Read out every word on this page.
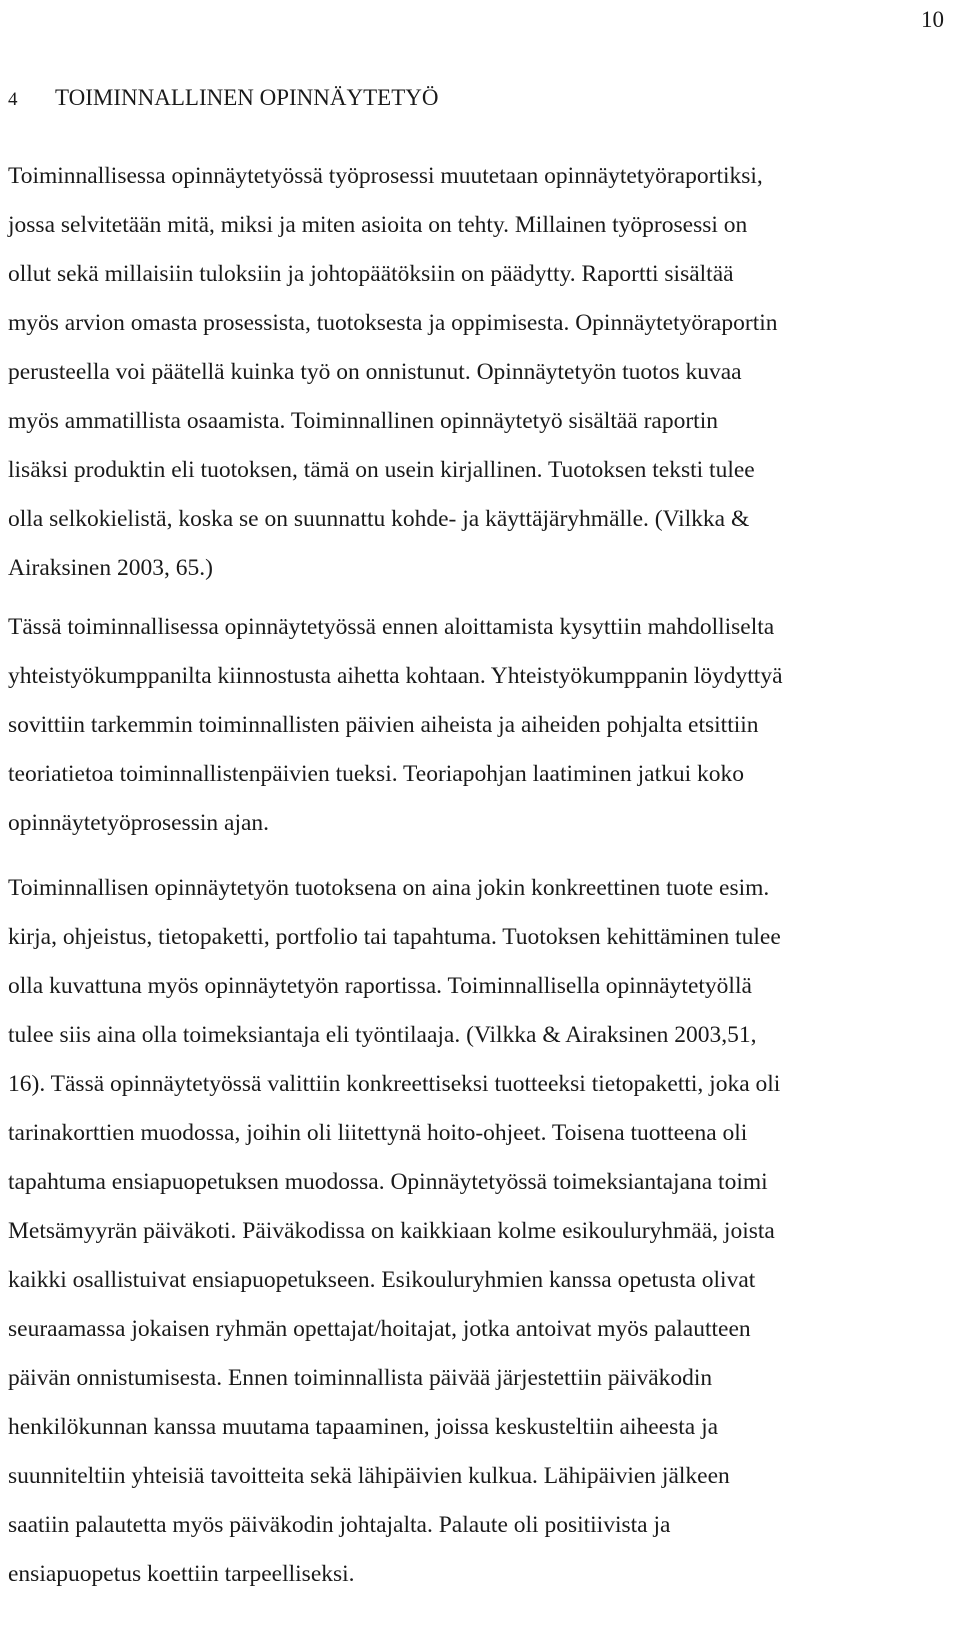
10
4 TOIMINNALLINEN OPINNÄYTETYÖ
Toiminnallisessa opinnäytetyössä työprosessi muutetaan opinnäytetyöraportiksi,
jossa selvitetään mitä, miksi ja miten asioita on tehty. Millainen työprosessi on
ollut sekä millaisiin tuloksiin ja johtopäätöksiin on päädytty. Raportti sisältää
myös arvion omasta prosessista, tuotoksesta ja oppimisesta. Opinnäytetyöraportin
perusteella voi päätellä kuinka työ on onnistunut. Opinnäytetyön tuotos kuvaa
myös ammatillista osaamista. Toiminnallinen opinnäytetyö sisältää raportin
lisäksi produktin eli tuotoksen, tämä on usein kirjallinen. Tuotoksen teksti tulee
olla selkokielistä, koska se on suunnattu kohde- ja käyttäjäryhmälle. (Vilkka &
Airaksinen 2003, 65.)
Tässä toiminnallisessa opinnäytetyössä ennen aloittamista kysyttiin mahdolliselta
yhteistyökumppanilta kiinnostusta aihetta kohtaan. Yhteistyökumppanin löydyttyä
sovittiin tarkemmin toiminnallisten päivien aiheista ja aiheiden pohjalta etsittiin
teoriatietoa toiminnallistenpäivien tueksi. Teoriapohjan laatiminen jatkui koko
opinnäytetyöprosessin ajan.
Toiminnallisen opinnäytetyön tuotoksena on aina jokin konkreettinen tuote esim.
kirja, ohjeistus, tietopaketti, portfolio tai tapahtuma. Tuotoksen kehittäminen tulee
olla kuvattuna myös opinnäytetyön raportissa. Toiminnallisella opinnäytetyöllä
tulee siis aina olla toimeksiantaja eli työntilaaja. (Vilkka & Airaksinen 2003,51,
16). Tässä opinnäytetyössä valittiin konkreettiseksi tuotteeksi tietopaketti, joka oli
tarinakorttien muodossa, joihin oli liitettynä hoito-ohjeet. Toisena tuotteena oli
tapahtuma ensiapuopetuksen muodossa. Opinnäytetyössä toimeksiantajana toimi
Metsämyyrän päiväkoti. Päiväkodissa on kaikkiaan kolme esikouluryhmää, joista
kaikki osallistuivat ensiapuopetukseen. Esikouluryhmien kanssa opetusta olivat
seuraamassa jokaisen ryhmän opettajat/hoitajat, jotka antoivat myös palautteen
päivän onnistumisesta. Ennen toiminnallista päivää järjestettiin päiväkodin
henkilökunnan kanssa muutama tapaaminen, joissa keskusteltiin aiheesta ja
suunniteltiin yhteisiä tavoitteita sekä lähipäivien kulkua. Lähipäivien jälkeen
saatiin palautetta myös päiväkodin johtajalta. Palaute oli positiivista ja
ensiapuopetus koettiin tarpeelliseksi.
